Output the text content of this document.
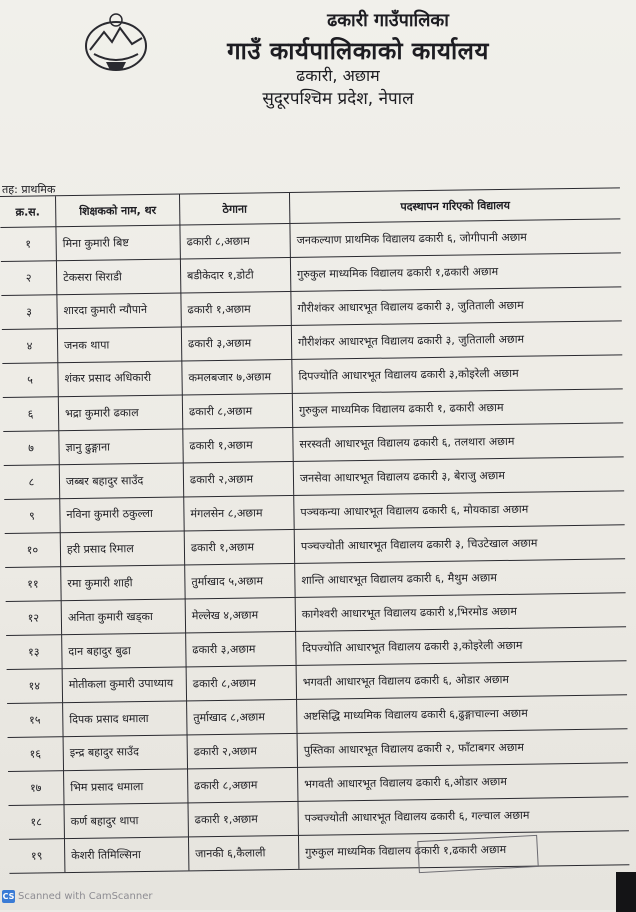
ढकारी गाउँपालिका
गाउँ कार्यपालिकाको कार्यालय
ढकारी, अछाम
सुदूरपश्चिम प्रदेश, नेपाल
तह: प्राथमिक
क्र.स.	शिक्षकको नाम, थर	ठेगाना	पदस्थापन गरिएको विद्यालय
१	मिना कुमारी बिष्ट	ढकारी ८,अछाम	जनकल्याण प्राथमिक विद्यालय ढकारी ६, जोगीपानी अछाम
२	टेकसरा सिराडी	बडीकेदार १,डोटी	गुरुकुल माध्यमिक विद्यालय ढकारी १,ढकारी अछाम
३	शारदा कुमारी न्यौपाने	ढकारी १,अछाम	गौरीशंकर आधारभूत विद्यालय ढकारी ३, जुतिताली अछाम
४	जनक थापा	ढकारी ३,अछाम	गौरीशंकर आधारभूत विद्यालय ढकारी ३, जुतिताली अछाम
५	शंकर प्रसाद अधिकारी	कमलबजार ७,अछाम	दिपज्योति आधारभूत विद्यालय ढकारी ३,कोइरेली अछाम
६	भद्रा कुमारी ढकाल	ढकारी ८,अछाम	गुरुकुल माध्यमिक विद्यालय ढकारी १, ढकारी अछाम
७	ज्ञानु ढुङ्गाना	ढकारी १,अछाम	सरस्वती आधारभूत विद्यालय ढकारी ६, तलथारा अछाम
८	जब्बर बहादुर साउँद	ढकारी २,अछाम	जनसेवा आधारभूत विद्यालय ढकारी ३, बेराजु अछाम
९	नविना कुमारी ठकुल्ला	मंगलसेन ८,अछाम	पञ्चकन्या आधारभूत विद्यालय ढकारी ६, मोयकाडा अछाम
१०	हरी प्रसाद रिमाल	ढकारी १,अछाम	पञ्चज्योती आधारभूत विद्यालय ढकारी ३, चिउटेखाल अछाम
११	रमा कुमारी शाही	तुर्माखाद ५,अछाम	शान्ति आधारभूत विद्यालय ढकारी ६, मैथुम अछाम
१२	अनिता कुमारी खड्का	मेल्लेख ४,अछाम	कागेश्वरी आधारभूत विद्यालय ढकारी ४,भिरमोड अछाम
१३	दान बहादुर बुढा	ढकारी ३,अछाम	दिपज्योति आधारभूत विद्यालय ढकारी ३,कोइरेली अछाम
१४	मोतीकला कुमारी उपाध्याय	ढकारी ८,अछाम	भगवती आधारभूत विद्यालय ढकारी ६, ओडार अछाम
१५	दिपक प्रसाद धमाला	तुर्माखाद ८,अछाम	अष्टसिद्धि माध्यमिक विद्यालय ढकारी ६,ढुङ्गाचाल्ना अछाम
१६	इन्द्र बहादुर साउँद	ढकारी २,अछाम	पुस्तिका आधारभूत विद्यालय ढकारी २, फाँटाबगर अछाम
१७	भिम प्रसाद धमाला	ढकारी ८,अछाम	भगवती आधारभूत विद्यालय ढकारी ६,ओडार अछाम
१८	कर्ण बहादुर थापा	ढकारी १,अछाम	पञ्चज्योती आधारभूत विद्यालय ढकारी ६, गल्चाल अछाम
१९	केशरी तिमिल्सिना	जानकी ६,कैलाली	गुरुकुल माध्यमिक विद्यालय ढकारी १,ढकारी अछाम
CS Scanned with CamScanner
